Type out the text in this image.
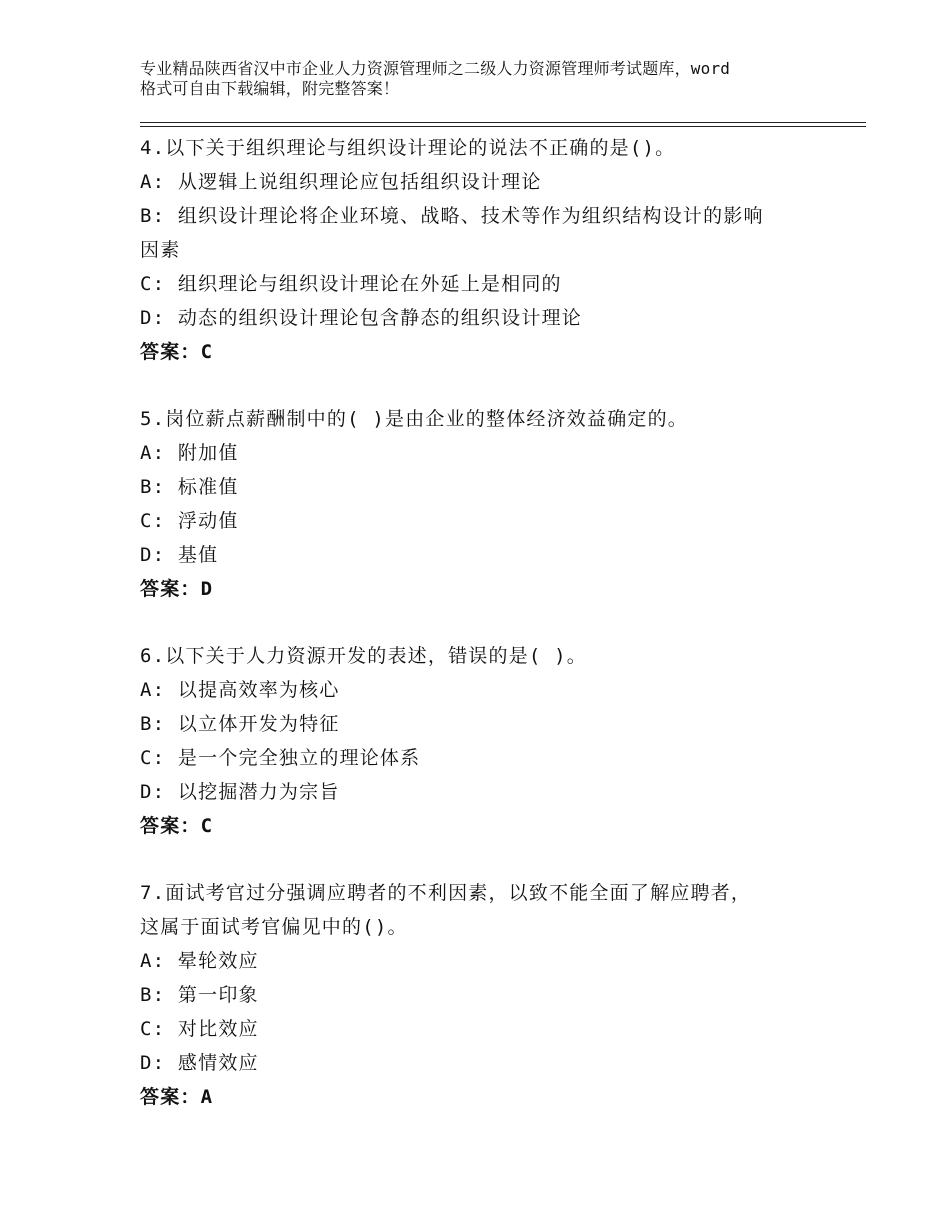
专业精品陕西省汉中市企业人力资源管理师之二级人力资源管理师考试题库，word
格式可自由下载编辑，附完整答案！
4.以下关于组织理论与组织设计理论的说法不正确的是()。
A: 从逻辑上说组织理论应包括组织设计理论
B: 组织设计理论将企业环境、战略、技术等作为组织结构设计的影响
因素
C: 组织理论与组织设计理论在外延上是相同的
D: 动态的组织设计理论包含静态的组织设计理论
答案：C
5.岗位薪点薪酬制中的( )是由企业的整体经济效益确定的。
A: 附加值
B: 标准值
C: 浮动值
D: 基值
答案：D
6.以下关于人力资源开发的表述，错误的是( )。
A: 以提高效率为核心
B: 以立体开发为特征
C: 是一个完全独立的理论体系
D: 以挖掘潜力为宗旨
答案：C
7.面试考官过分强调应聘者的不利因素，以致不能全面了解应聘者，
这属于面试考官偏见中的()。
A: 晕轮效应
B: 第一印象
C: 对比效应
D: 感情效应
答案：A
